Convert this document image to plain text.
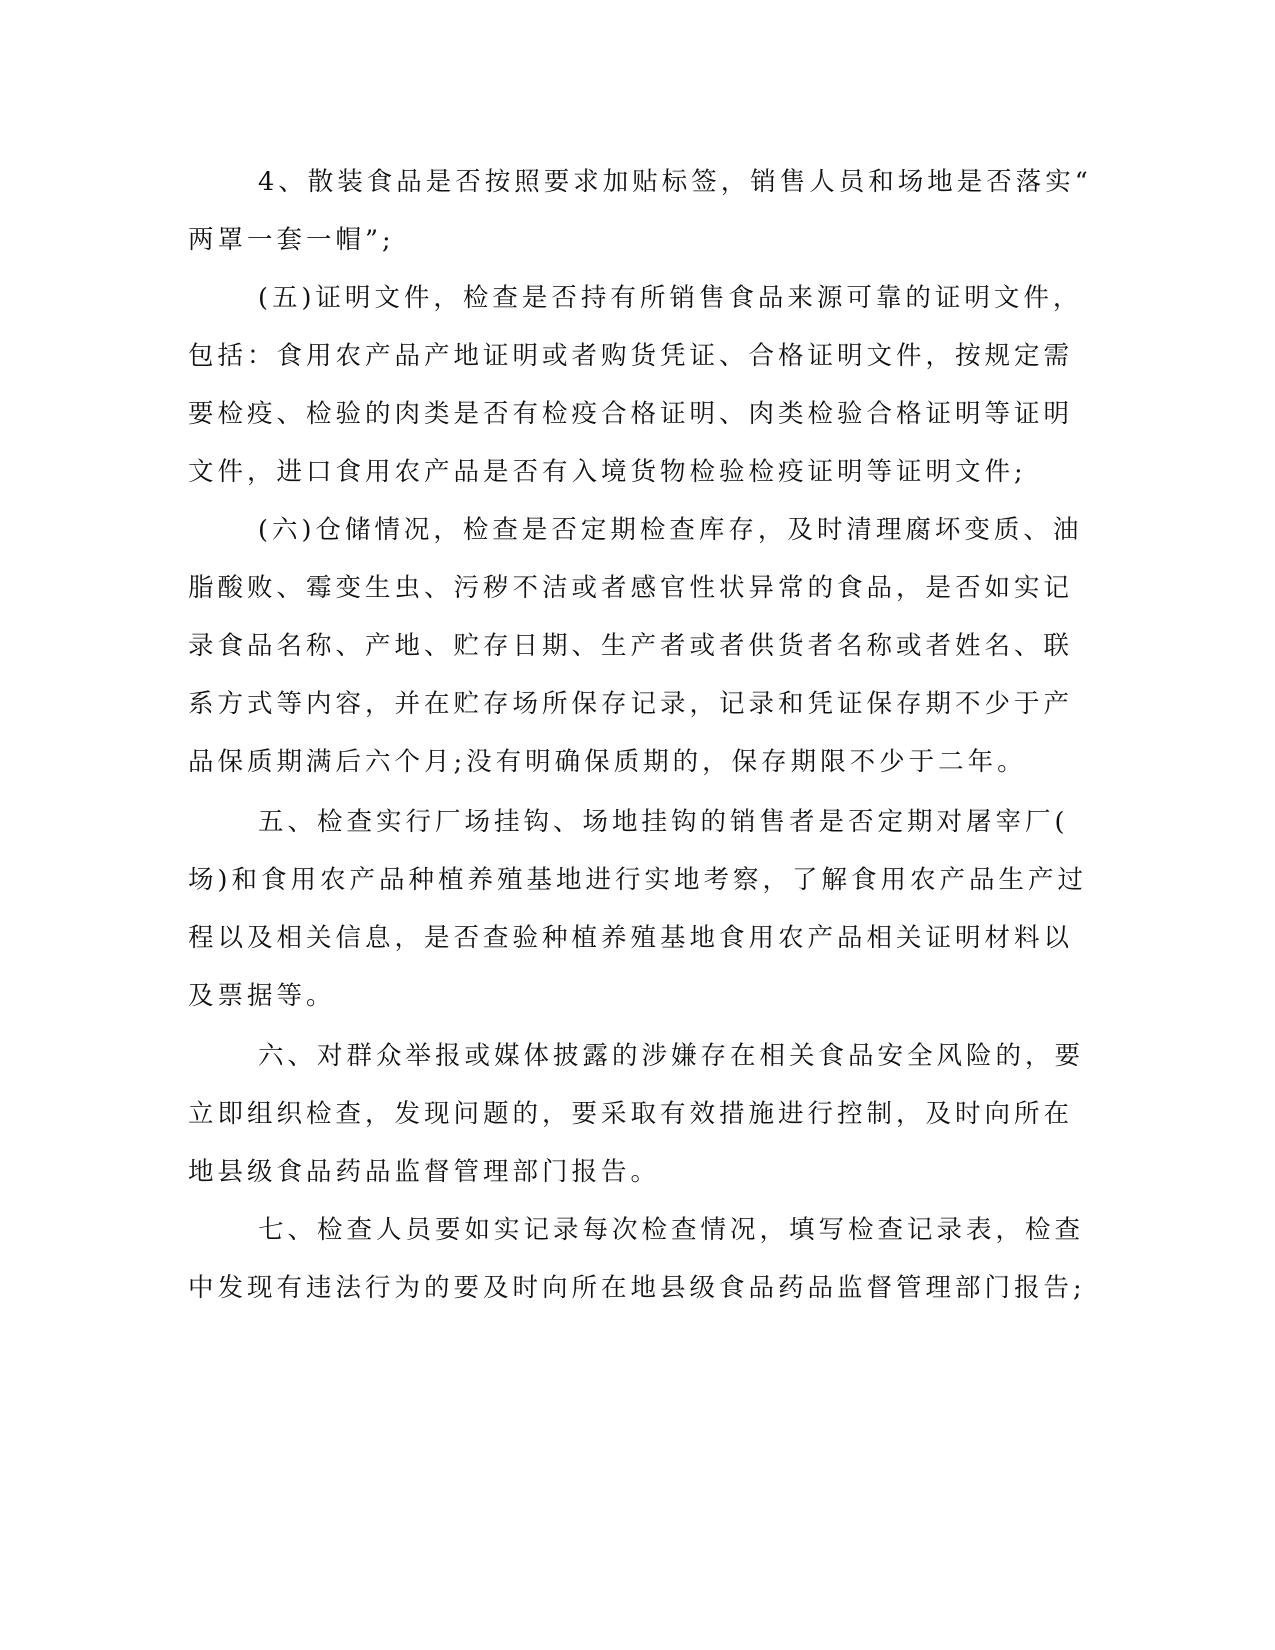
4、散装食品是否按照要求加贴标签，销售人员和场地是否落实“
两罩一套一帽”;
(五)证明文件，检查是否持有所销售食品来源可靠的证明文件，
包括：食用农产品产地证明或者购货凭证、合格证明文件，按规定需
要检疫、检验的肉类是否有检疫合格证明、肉类检验合格证明等证明
文件，进口食用农产品是否有入境货物检验检疫证明等证明文件;
(六)仓储情况，检查是否定期检查库存，及时清理腐坏变质、油
脂酸败、霉变生虫、污秽不洁或者感官性状异常的食品，是否如实记
录食品名称、产地、贮存日期、生产者或者供货者名称或者姓名、联
系方式等内容，并在贮存场所保存记录，记录和凭证保存期不少于产
品保质期满后六个月;没有明确保质期的，保存期限不少于二年。
五、检查实行厂场挂钩、场地挂钩的销售者是否定期对屠宰厂(
场)和食用农产品种植养殖基地进行实地考察，了解食用农产品生产过
程以及相关信息，是否查验种植养殖基地食用农产品相关证明材料以
及票据等。
六、对群众举报或媒体披露的涉嫌存在相关食品安全风险的，要
立即组织检查，发现问题的，要采取有效措施进行控制，及时向所在
地县级食品药品监督管理部门报告。
七、检查人员要如实记录每次检查情况，填写检查记录表，检查
中发现有违法行为的要及时向所在地县级食品药品监督管理部门报告;
